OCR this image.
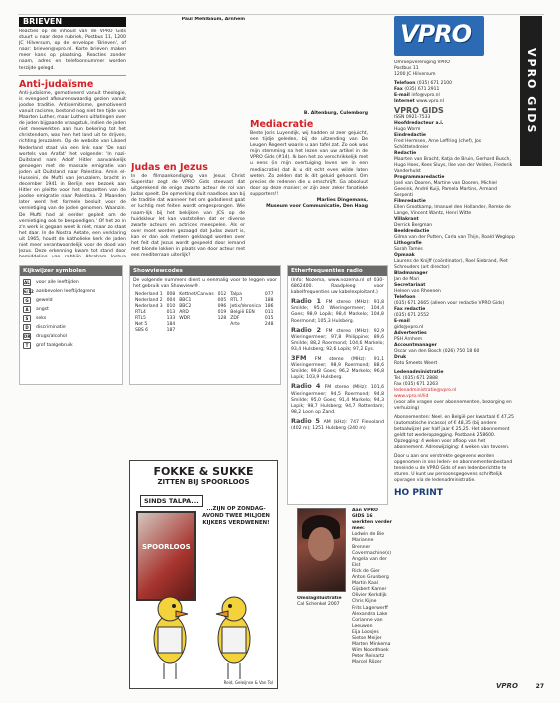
BRIEVEN

Reacties op de inhoud van de VPRO Gids stuurt u naar deze rubriek, Postbus 11, 1200 JC Hilversum, op de envelope 'Brieven', of naar: brieven@vpro.nl. Korte brieven maken meer kans op plaatsing. Reacties zonder naam, adres en telefoonnummer worden terzijde gelegd.

Anti-judaïsme

Anti-judaïsme, gemotiveerd vanuit theologie, is evengoed afkeurenswaardig gezien vanuit joodse traditie. Antisemitisme, gemotiveerd vanuit racisme, bestond nog niet ten tijde van Maarten Luther, maar Luthers uitlatingen over de joden bijgaande vraagstuk, indien de joden niet meewerkten aan hun bekering tot het christendom, was hen het land uit te drijven, richting Jeruzalem. Op de website van Likoed Nederland staat via een link naar 'De nazi wortels van Arafat' het volgende: 'In nazi-Duitsland nam Adolf Hitler aanvankelijk genoegen met de massale emigratie van joden uit Duitsland naar Palestina. Amin el-Husseini, de Mufti van Jeruzalem, bracht in december 1941 in Berlijn een bezoek aan Hitler en pleitte voor het stopzetten van de joodse emigratie naar Palestina. 2 Maanden later werd het formele besluit voor de vernietiging van de joden genomen. Waanzin. De Mufti had al eerder gepleit om de vernietiging ook te bespoedigen.' Of het zo in z'n werk is gegaan weet ik niet, maar zo staat het daar. In de Nostra Aetate, een verklaring uit 1965, houdt de katholieke kerk de joden niet meer verantwoordelijk voor de dood van Jezus. Deze erkenning kwam tot stand door

Paul Mehlbaum, Arnhem
Judas en Jezus

In de filmaankondiging van Jesus Christ Superstar zegt de VPRO Gids steevast dat uitgerekend de enige zwarte acteur de rol van Judas speelt. De opmerking sluit naadloos aan bij de traditie dat wanneer het om godsdienst gaat er luchtig met feiten wordt omgesprongen. Wie naam-lijk bij het bekijken van JCS op de huidskleur let kan vaststellen dat er diverse zwarte acteurs en actrices meespelen. Als er over moet worden gezaagd dat Judas zwart is, kan er dan ook meteen geklaagd worden over het feit dat Jezus wordt gespeeld door iemand met blonde lokken in plaats van door acteur met een mediterraan uiterlijk?

B. Altenburg, Culemborg
Mediacratie

Beste Joris Luyendijk, wij hadden al zeer gejuicht, een tijdje geleden, bij de uitzending van De Leugen Regeert waarin u aan tafel zat. Zo ook was mijn stemming na het lezen van uw artikel in de VPRO Gids (#14). Ik ben het zo verschrikkelijk met u eens (in mijn overtuiging leven we in een mediacratie) dat ik u dit echt even wilde laten weten. Zo zelden dat ik dit geluid gehoord. Om precies de redenen die u omschrijft. Ga absoluut door op deze manier; er zijn zeer zeker fanatieke supporters!!

Marlies Dingemans,
Museum voor Communicatie, Den Haag
VPRO
VPRO GIDS
Omroepvereniging VPRO
Postbus 11
1200 JC Hilversum
Telefoon (035) 671 2100
Fax (035) 671 2911
E-mail info@vpro.nl
Internet www.vpro.nl
VPRO GIDS
ISSN 0921-7533
Hoofdredacteur a.i.
Hugo Worm
Eindredactie
Fred Hermsen, Arne Leffring (chef), Jos Schöttelndreier
Redactie
Maarten van Bracht, Katja de Bruin, Gerhard Busch, Hugo Hoes, Kees Sluys, Ilse van der Velden, Frederik Vanderhulst
Programmaredactie
José van Dooren, Martine van Dooren, Michiel Geesink, André Kuiji, Pamela Martins, Armand Serpenti
Filmredactie
Ellen Grootkamp, Imanuel den Hollander, Remke de Lange, Vincent Wantz, Henri Witte
Villakrant
Derrick Bergman
Beeldredactie
Gilma van der Putten, Carla van Thijn, Roald Weglopp
Lithografie
Sarah Tames
Opmaak
Laurens de Knijff (coördinator), Roel Siebrand, Piet Schreuders (art director)
Bladmanager
Jan de Mari
Secretariaat
Heleen van Rheenen
Telefoon
(035) 671 2665 (alleen voor redactie VPRO Gids)
Fax redactie
(035) 671 2552
E-mail
gids@vpro.nl
Advertenties
PSH Arnhem
Accountmanager
Oscar van den Bosch (026) 750 18 60
Druk
Roto Smeets Weert
Ledenadministratie
Tel. (035) 671 2888
Fax (035) 671 2263
ledenadministratie@vpro.nl
www.vpro.nl/lid
(voor alle vragen over abonnementen, bezorging en verhuizing)

Abonnementen: Neel. en België per kwartaal € 47,25 (automatische incasso) of € 48,35 (bij andere betaalwijze) per half jaar € 25,25. Het abonnement geldt tot wederopzegging. Postbank 258600. Opzegging: 4 weken voor afloop van het abonnement. Adreswijziging: 4 weken van tevoren.

Door u aan ons verstrekte gegevens worden opgenomen in ons leden- en abonnementenbestand teneinde u de VPRO Gids of een ledenberichtte te sturen. U kunt uw persoonsgegevens schriftelijk opvragen via de ledenadministratie.

HO PRINT
Kijkwijzer symbolen
AL voor alle leeftijden
6/12 aanbevolen leeftijdsgrens
G	geweld
A	angst
S	seks
D	discriminatie
DR drugs/alcohol
T	grof taalgebruik
Showviewcodes

De volgende nummers dient u eenmalig voor te leggen voor het gebruik van Showview®.

Nederland 1	008	Kettnet/Canvas	012	Talpa	077
Nederland 2	004	BBC1	005	RTL 7	188
Nederland 3	010	BBC2	096	Jetix/Veronica	186
RTL4	013	ARD	019	België EEN	011
RTL5	133	WDR	128	ZDF	015
Net 5	184			Arte	248
SBS 6	187				
Etherfrequenties radio

(Info: Nozema, www.nozema.nl of 030-6862400. Raadpleeg voor kabelfrequenties uw kabelexploitant.)

Radio 1 FM stereo (MHz): 91,8 Smilde; 95,0 Wieringermeer; 104,4 Goes; 98,9 Lopik; 98,4 Markelo; 104,8 Roermond; 105,3 Hulsberg.
Radio 2 FM stereo (MHz): 92,9 Wieringermeer; 97,8 Philippine; 89,6 Smilde; 88,2 Roermond; 104,6 Markelo; 93,4 Hulsberg; 92,6 Lopik; 97,2 Eys.
3FM FM stereo (MHz): 91,1 Wieringermeer; 98,9 Roermond; 88,6 Smilde; 99,8 Goes; 96,2 Markelo; 96,8 Lopik; 103,9 Hulsberg.
Radio 4 FM stereo (MHz): 101,6 Wieringermeer; 94,5 Roermond; 94,8 Smilde; 95,0 Goes; 91,4 Markelo; 94,3 Lopik; 98,7 Hulsberg; 94,7 Rotterdam; 98,2 Loon op Zand.
Radio 5 AM (kHz): 747 Flevoland (402 m); 1251 Hulsberg (240 m)
FOKKE & SUKKE
ZITTEN BIJ SPOORLOOS
SINDS TALPA...
SPOORLOOS
...ZIJN OP ZONDAG-AVOND TWEE MILJOEN KIJKERS VERDWENEN!
Reid, Geleijnse & Van Tol
Omslagillustratie
Cal Schenkel 2007
Aan VPRO GIDS 16 werkten verder mee:
Lodwin de Bie
Marianne Brenner
Covermachine(s)
Angela van der Elst
Rick de Gier
Anton Grunberg
Martin Kaal
Gijsbert Kamer
Olivier Kerkdijk
Chris Kijne
Frits Lagerwerff
Alexandra Lake
Corianne van Leeuwen
Eija Loosjes
Sietse Meijer
Marten Minkema
Wim Noordhoek
Peter Reinartz
Marcel Rözer
VPRO	27
